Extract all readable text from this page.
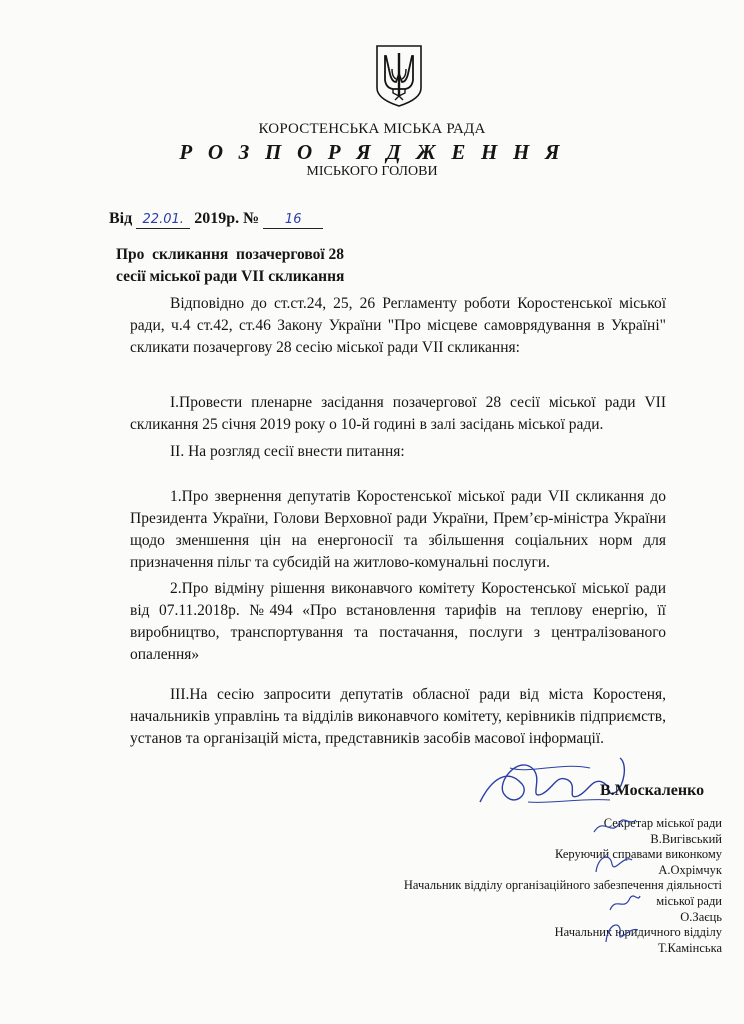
КОРОСТЕНСЬКА МІСЬКА РАДА
Р О З П О Р Я Д Ж Е Н Н Я
МІСЬКОГО ГОЛОВИ
Від 22.01. 2019р. № 16
Про  скликання  позачергової 28
сесії міської ради VII скликання

Відповідно до ст.ст.24, 25, 26 Регламенту роботи Коростенської міської ради, ч.4 ст.42, ст.46 Закону України "Про місцеве самоврядування в Україні" скликати позачергову 28 сесію міської ради VII скликання:

І.Провести пленарне засідання позачергової 28 сесії міської ради VII скликання 25 січня 2019 року о 10-й годині в залі засідань міської ради.

ІІ. На розгляд сесії внести питання:

1.Про звернення депутатів Коростенської міської ради VII скликання до Президента України, Голови Верховної ради України, Прем’єр-міністра України щодо зменшення цін на енергоносії та збільшення соціальних норм для призначення пільг та субсидій на житлово-комунальні послуги.

2.Про відміну рішення виконавчого комітету Коростенської міської ради від 07.11.2018р. №494 «Про встановлення тарифів на теплову енергію, її виробництво, транспортування та постачання, послуги з централізованого опалення»

ІІІ.На сесію запросити депутатів обласної ради від міста Коростеня, начальників управлінь та відділів виконавчого комітету, керівників підприємств, установ та організацій міста, представників засобів масової інформації.

В.Москаленко
Секретар міської ради
В.Вигівський
Керуючий справами виконкому
А.Охрімчук
Начальник відділу організаційного забезпечення діяльності міської ради
О.Заєць
Начальник юридичного відділу
Т.Камінська
